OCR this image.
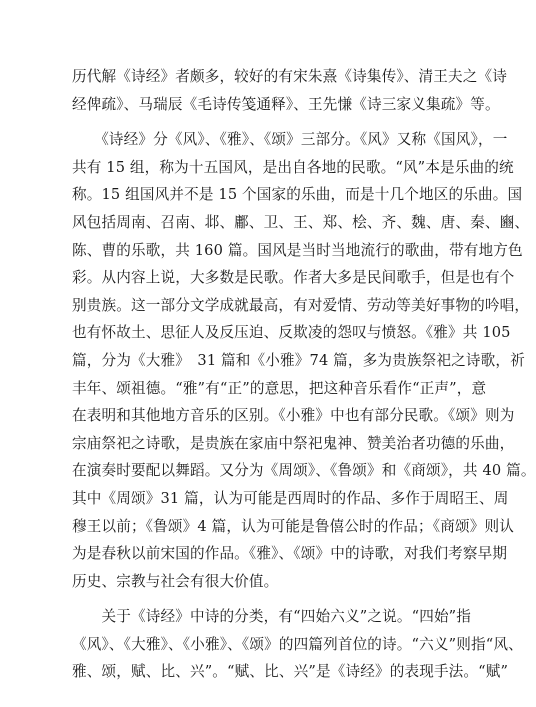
历代解《诗经》者颇多，较好的有宋朱熹《诗集传》、清王夫之《诗
经俾疏》、马瑞辰《毛诗传笺通释》、王先慊《诗三家义集疏》等。
　　《诗经》分《风》、《雅》、《颂》三部分。《风》又称《国风》，一
共有 15 组，称为十五国风，是出自各地的民歌。“风”本是乐曲的统
称。15 组国风并不是 15 个国家的乐曲，而是十几个地区的乐曲。国
风包括周南、召南、邶、鄘、卫、王、郑、桧、齐、魏、唐、秦、豳、
陈、曹的乐歌，共 160 篇。国风是当时当地流行的歌曲，带有地方色
彩。从内容上说，大多数是民歌。作者大多是民间歌手，但是也有个
别贵族。这一部分文学成就最高，有对爱情、劳动等美好事物的吟唱，
也有怀故土、思征人及反压迫、反欺凌的怨叹与愤怒。《雅》共 105
篇，分为《大雅》　31 篇和《小雅》74 篇，多为贵族祭祀之诗歌，祈
丰年、颂祖德。“雅”有“正”的意思，把这种音乐看作“正声”，意
在表明和其他地方音乐的区别。《小雅》中也有部分民歌。《颂》则为
宗庙祭祀之诗歌，是贵族在家庙中祭祀鬼神、赞美治者功德的乐曲，
在演奏时要配以舞蹈。又分为《周颂》、《鲁颂》和《商颂》，共 40 篇。
其中《周颂》31 篇，认为可能是西周时的作品、多作于周昭王、周
穆王以前；《鲁颂》4 篇，认为可能是鲁僖公时的作品；《商颂》则认
为是春秋以前宋国的作品。《雅》、《颂》中的诗歌，对我们考察早期
历史、宗教与社会有很大价值。
　　关于《诗经》中诗的分类，有“四始六义”之说。“四始”指
《风》、《大雅》、《小雅》、《颂》的四篇列首位的诗。“六义”则指“风、
雅、颂，赋、比、兴”。“赋、比、兴”是《诗经》的表现手法。“赋”
